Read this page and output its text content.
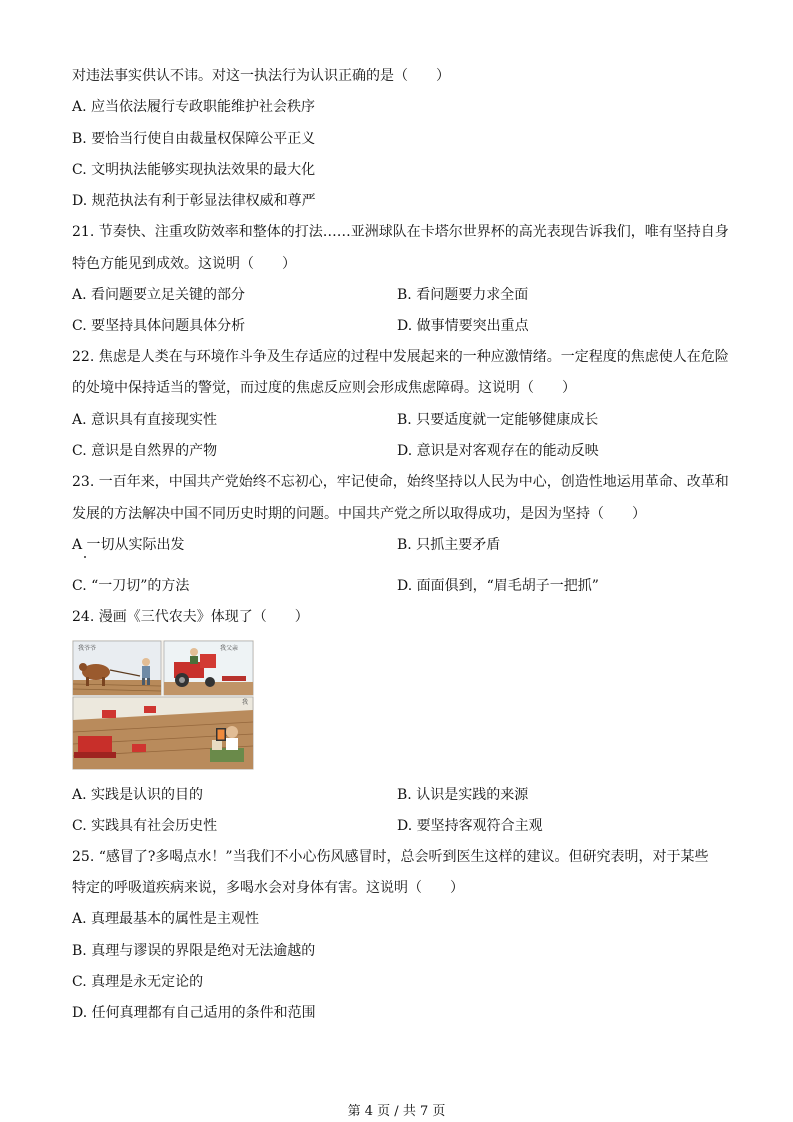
对违法事实供认不讳。对这一执法行为认识正确的是（　　）
A. 应当依法履行专政职能维护社会秩序
B. 要恰当行使自由裁量权保障公平正义
C. 文明执法能够实现执法效果的最大化
D. 规范执法有利于彰显法律权威和尊严
21. 节奏快、注重攻防效率和整体的打法……亚洲球队在卡塔尔世界杯的高光表现告诉我们，唯有坚持自身
特色方能见到成效。这说明（　　）
A. 看问题要立足关键的部分	B. 看问题要力求全面
C. 要坚持具体问题具体分析	D. 做事情要突出重点
22. 焦虑是人类在与环境作斗争及生存适应的过程中发展起来的一种应激情绪。一定程度的焦虑使人在危险
的处境中保持适当的警觉，而过度的焦虑反应则会形成焦虑障碍。这说明（　　）
A. 意识具有直接现实性	B. 只要适度就一定能够健康成长
C. 意识是自然界的产物	D. 意识是对客观存在的能动反映
23. 一百年来，中国共产党始终不忘初心，牢记使命，始终坚持以人民为中心，创造性地运用革命、改革和
发展的方法解决中国不同历史时期的问题。中国共产党之所以取得成功，是因为坚持（　　）
A 一切从实际出发	B. 只抓主要矛盾
C. “一刀切”的方法	D. 面面俱到，“眉毛胡子一把抓”
24. 漫画《三代农夫》体现了（　　）
我爷爷	我父亲
我
A. 实践是认识的目的	B. 认识是实践的来源
C. 实践具有社会历史性	D. 要坚持客观符合主观
25. “感冒了?多喝点水！”当我们不小心伤风感冒时，总会听到医生这样的建议。但研究表明，对于某些
特定的呼吸道疾病来说，多喝水会对身体有害。这说明（　　）
A. 真理最基本的属性是主观性
B. 真理与谬误的界限是绝对无法逾越的
C. 真理是永无定论的
D. 任何真理都有自己适用的条件和范围
第 4 页 / 共 7 页
